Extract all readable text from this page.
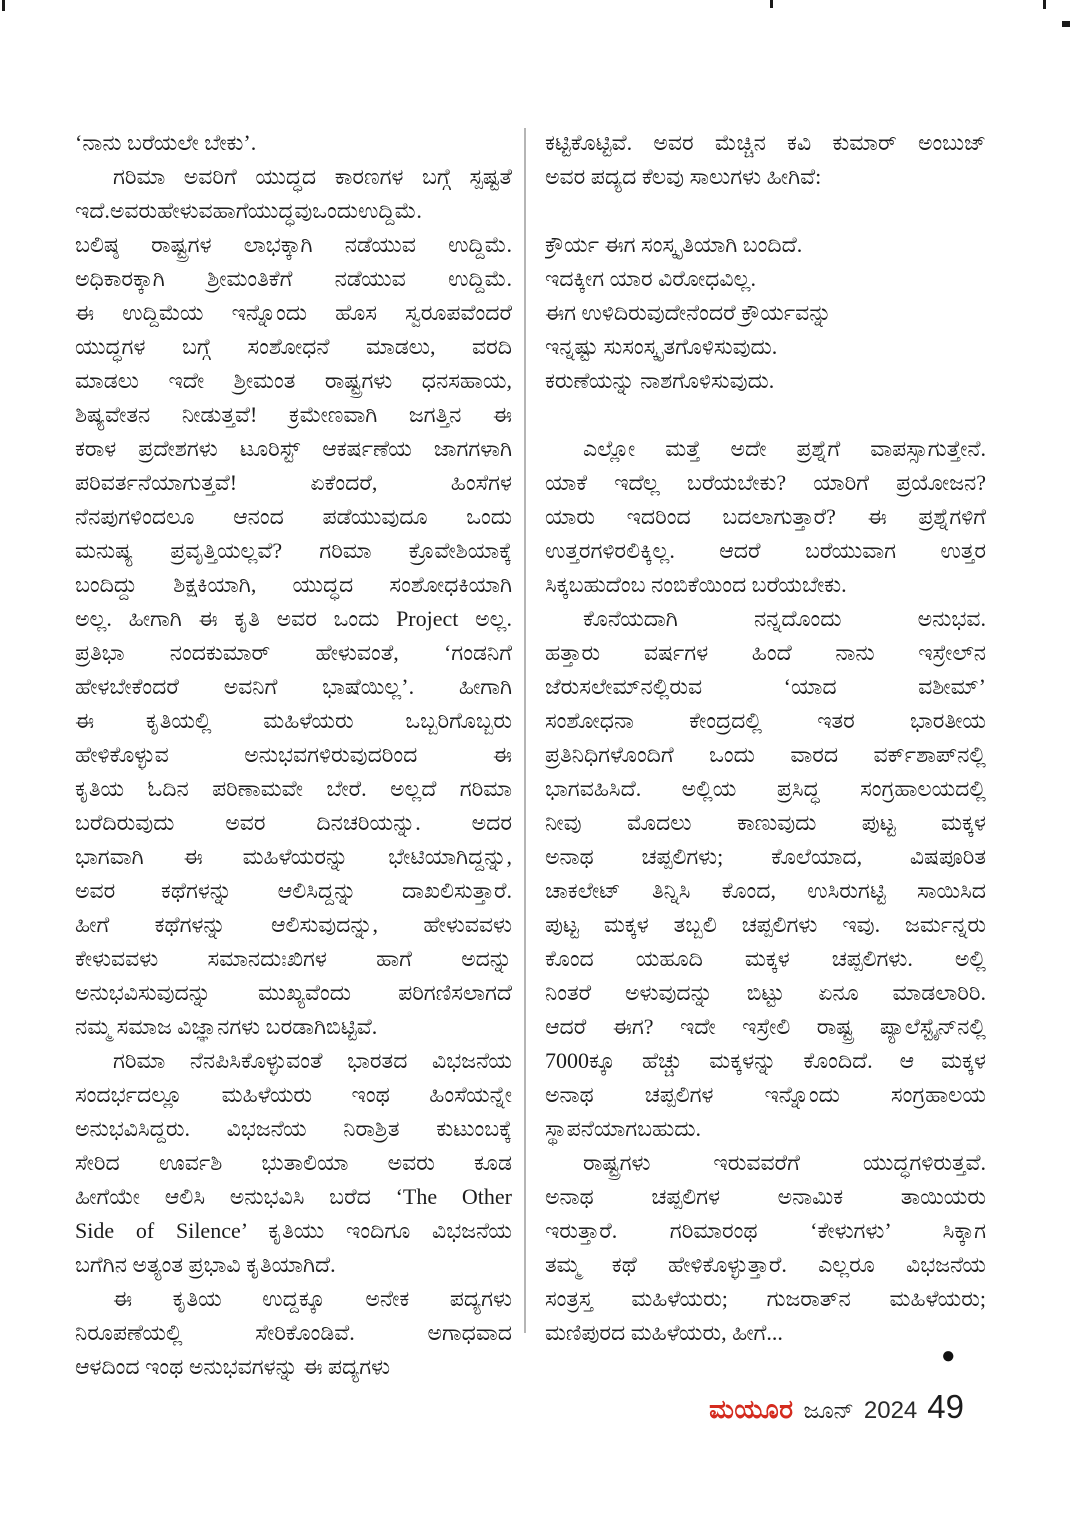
‘ನಾನು ಬರೆಯಲೇ ಬೇಕು’.
ಗರಿಮಾ ಅವರಿಗೆ ಯುದ್ಧದ ಕಾರಣಗಳ ಬಗ್ಗೆ ಸ್ಪಷ್ಟತೆ
ಇದೆ.ಅವರುಹೇಳುವಹಾಗೆಯುದ್ಧವುಒಂದುಉದ್ದಿಮೆ.
ಬಲಿಷ್ಠ ರಾಷ್ಟ್ರಗಳ ಲಾಭಕ್ಕಾಗಿ ನಡೆಯುವ ಉದ್ದಿಮೆ.
ಅಧಿಕಾರಕ್ಕಾಗಿ ಶ್ರೀಮಂತಿಕೆಗೆ ನಡೆಯುವ ಉದ್ದಿಮೆ.
ಈ ಉದ್ದಿಮೆಯ ಇನ್ನೊಂದು ಹೊಸ ಸ್ವರೂಪವೆಂದರೆ
ಯುದ್ಧಗಳ ಬಗ್ಗೆ ಸಂಶೋಧನೆ ಮಾಡಲು, ವರದಿ
ಮಾಡಲು ಇದೇ ಶ್ರೀಮಂತ ರಾಷ್ಟ್ರಗಳು ಧನಸಹಾಯ,
ಶಿಷ್ಯವೇತನ ನೀಡುತ್ತವೆ! ಕ್ರಮೇಣವಾಗಿ ಜಗತ್ತಿನ ಈ
ಕರಾಳ ಪ್ರದೇಶಗಳು ಟೂರಿಸ್ಟ್ ಆಕರ್ಷಣೆಯ ಜಾಗಗಳಾಗಿ
ಪರಿವರ್ತನೆಯಾಗುತ್ತವೆ! ಏಕೆಂದರೆ, ಹಿಂಸೆಗಳ
ನೆನಪುಗಳಿಂದಲೂ ಆನಂದ ಪಡೆಯುವುದೂ ಒಂದು
ಮನುಷ್ಯ ಪ್ರವೃತ್ತಿಯಲ್ಲವೆ? ಗರಿಮಾ ಕ್ರೊವೇಶಿಯಾಕ್ಕೆ
ಬಂದಿದ್ದು ಶಿಕ್ಷಕಿಯಾಗಿ, ಯುದ್ಧದ ಸಂಶೋಧಕಿಯಾಗಿ
ಅಲ್ಲ. ಹೀಗಾಗಿ ಈ ಕೃತಿ ಅವರ ಒಂದು Project ಅಲ್ಲ.
ಪ್ರತಿಭಾ ನಂದಕುಮಾರ್ ಹೇಳುವಂತೆ, ‘ಗಂಡನಿಗೆ
ಹೇಳಬೇಕೆಂದರೆ ಅವನಿಗೆ ಭಾಷೆಯಿಲ್ಲ’. ಹೀಗಾಗಿ
ಈ ಕೃತಿಯಲ್ಲಿ ಮಹಿಳೆಯರು ಒಬ್ಬರಿಗೊಬ್ಬರು
ಹೇಳಿಕೊಳ್ಳುವ ಅನುಭವಗಳಿರುವುದರಿಂದ ಈ
ಕೃತಿಯ ಓದಿನ ಪರಿಣಾಮವೇ ಬೇರೆ. ಅಲ್ಲದೆ ಗರಿಮಾ
ಬರೆದಿರುವುದು ಅವರ ದಿನಚರಿಯನ್ನು. ಅದರ
ಭಾಗವಾಗಿ ಈ ಮಹಿಳೆಯರನ್ನು ಭೇಟಿಯಾಗಿದ್ದನ್ನು,
ಅವರ ಕಥೆಗಳನ್ನು ಆಲಿಸಿದ್ದನ್ನು ದಾಖಲಿಸುತ್ತಾರೆ.
ಹೀಗೆ ಕಥೆಗಳನ್ನು ಆಲಿಸುವುದನ್ನು, ಹೇಳುವವಳು
ಕೇಳುವವಳು ಸಮಾನದುಃಖಿಗಳ ಹಾಗೆ ಅದನ್ನು
ಅನುಭವಿಸುವುದನ್ನು ಮುಖ್ಯವೆಂದು ಪರಿಗಣಿಸಲಾಗದೆ
ನಮ್ಮ ಸಮಾಜ ವಿಜ್ಞಾನಗಳು ಬರಡಾಗಿಬಿಟ್ಟಿವೆ.
ಗರಿಮಾ ನೆನಪಿಸಿಕೊಳ್ಳುವಂತೆ ಭಾರತದ ವಿಭಜನೆಯ
ಸಂದರ್ಭದಲ್ಲೂ ಮಹಿಳೆಯರು ಇಂಥ ಹಿಂಸೆಯನ್ನೇ
ಅನುಭವಿಸಿದ್ದರು. ವಿಭಜನೆಯ ನಿರಾಶ್ರಿತ ಕುಟುಂಬಕ್ಕೆ
ಸೇರಿದ ಊರ್ವಶಿ ಭುತಾಲಿಯಾ ಅವರು ಕೂಡ
ಹೀಗೆಯೇ ಆಲಿಸಿ ಅನುಭವಿಸಿ ಬರೆದ ‘The Other
Side of Silence’ ಕೃತಿಯು ಇಂದಿಗೂ ವಿಭಜನೆಯ
ಬಗೆಗಿನ ಅತ್ಯಂತ ಪ್ರಭಾವಿ ಕೃತಿಯಾಗಿದೆ.
ಈ ಕೃತಿಯ ಉದ್ದಕ್ಕೂ ಅನೇಕ ಪದ್ಯಗಳು
ನಿರೂಪಣೆಯಲ್ಲಿ ಸೇರಿಕೊಂಡಿವೆ. ಅಗಾಧವಾದ
ಆಳದಿಂದ ಇಂಥ ಅನುಭವಗಳನ್ನು ಈ ಪದ್ಯಗಳು
ಕಟ್ಟಿಕೊಟ್ಟಿವೆ. ಅವರ ಮೆಚ್ಚಿನ ಕವಿ ಕುಮಾರ್ ಅಂಬುಜ್
ಅವರ ಪದ್ಯದ ಕೆಲವು ಸಾಲುಗಳು ಹೀಗಿವೆ:
ಕ್ರೌರ್ಯ ಈಗ ಸಂಸ್ಕೃತಿಯಾಗಿ ಬಂದಿದೆ.
ಇದಕ್ಕೀಗ ಯಾರ ವಿರೋಧವಿಲ್ಲ.
ಈಗ ಉಳಿದಿರುವುದೇನೆಂದರೆ ಕ್ರೌರ್ಯವನ್ನು
ಇನ್ನಷ್ಟು ಸುಸಂಸ್ಕೃತಗೊಳಿಸುವುದು.
ಕರುಣೆಯನ್ನು ನಾಶಗೊಳಿಸುವುದು.
ಎಲ್ಲೋ ಮತ್ತೆ ಅದೇ ಪ್ರಶ್ನೆಗೆ ವಾಪಸ್ಸಾಗುತ್ತೇನೆ.
ಯಾಕೆ ಇದೆಲ್ಲ ಬರೆಯಬೇಕು? ಯಾರಿಗೆ ಪ್ರಯೋಜನ?
ಯಾರು ಇದರಿಂದ ಬದಲಾಗುತ್ತಾರೆ? ಈ ಪ್ರಶ್ನೆಗಳಿಗೆ
ಉತ್ತರಗಳಿರಲಿಕ್ಕಿಲ್ಲ. ಆದರೆ ಬರೆಯುವಾಗ ಉತ್ತರ
ಸಿಕ್ಕಬಹುದೆಂಬ ನಂಬಿಕೆಯಿಂದ ಬರೆಯಬೇಕು.
ಕೊನೆಯದಾಗಿ ನನ್ನದೊಂದು ಅನುಭವ.
ಹತ್ತಾರು ವರ್ಷಗಳ ಹಿಂದೆ ನಾನು ಇಸ್ರೇಲ್‌ನ
ಜೆರುಸಲೇಮ್‌ನಲ್ಲಿರುವ ‘ಯಾದ ವಶೀಮ್’
ಸಂಶೋಧನಾ ಕೇಂದ್ರದಲ್ಲಿ ಇತರ ಭಾರತೀಯ
ಪ್ರತಿನಿಧಿಗಳೊಂದಿಗೆ ಒಂದು ವಾರದ ವರ್ಕ್‌ಶಾಪ್‌ನಲ್ಲಿ
ಭಾಗವಹಿಸಿದೆ. ಅಲ್ಲಿಯ ಪ್ರಸಿದ್ಧ ಸಂಗ್ರಹಾಲಯದಲ್ಲಿ
ನೀವು ಮೊದಲು ಕಾಣುವುದು ಪುಟ್ಟ ಮಕ್ಕಳ
ಅನಾಥ ಚಪ್ಪಲಿಗಳು; ಕೊಲೆಯಾದ, ವಿಷಪೂರಿತ
ಚಾಕಲೇಟ್ ತಿನ್ನಿಸಿ ಕೊಂದ, ಉಸಿರುಗಟ್ಟಿ ಸಾಯಿಸಿದ
ಪುಟ್ಟ ಮಕ್ಕಳ ತಬ್ಬಲಿ ಚಪ್ಪಲಿಗಳು ಇವು. ಜರ್ಮನ್ನರು
ಕೊಂದ ಯಹೂದಿ ಮಕ್ಕಳ ಚಪ್ಪಲಿಗಳು. ಅಲ್ಲಿ
ನಿಂತರೆ ಅಳುವುದನ್ನು ಬಿಟ್ಟು ಏನೂ ಮಾಡಲಾರಿರಿ.
ಆದರೆ ಈಗ? ಇದೇ ಇಸ್ರೇಲಿ ರಾಷ್ಟ್ರ ಪ್ಯಾಲೆಸ್ಟೈನ್‌ನಲ್ಲಿ
7000ಕ್ಕೂ ಹೆಚ್ಚು ಮಕ್ಕಳನ್ನು ಕೊಂದಿದೆ. ಆ ಮಕ್ಕಳ
ಅನಾಥ ಚಪ್ಪಲಿಗಳ ಇನ್ನೊಂದು ಸಂಗ್ರಹಾಲಯ
ಸ್ಥಾಪನೆಯಾಗಬಹುದು.
ರಾಷ್ಟ್ರಗಳು ಇರುವವರೆಗೆ ಯುದ್ಧಗಳಿರುತ್ತವೆ.
ಅನಾಥ ಚಪ್ಪಲಿಗಳ ಅನಾಮಿಕ ತಾಯಿಯರು
ಇರುತ್ತಾರೆ. ಗರಿಮಾರಂಥ ‘ಕೇಳುಗಳು’ ಸಿಕ್ಕಾಗ
ತಮ್ಮ ಕಥೆ ಹೇಳಿಕೊಳ್ಳುತ್ತಾರೆ. ಎಲ್ಲರೂ ವಿಭಜನೆಯ
ಸಂತ್ರಸ್ತ ಮಹಿಳೆಯರು; ಗುಜರಾತ್‌ನ ಮಹಿಳೆಯರು;
ಮಣಿಪುರದ ಮಹಿಳೆಯರು, ಹೀಗೆ...
●
ಮಯೂರ ಜೂನ್ 2024 49
